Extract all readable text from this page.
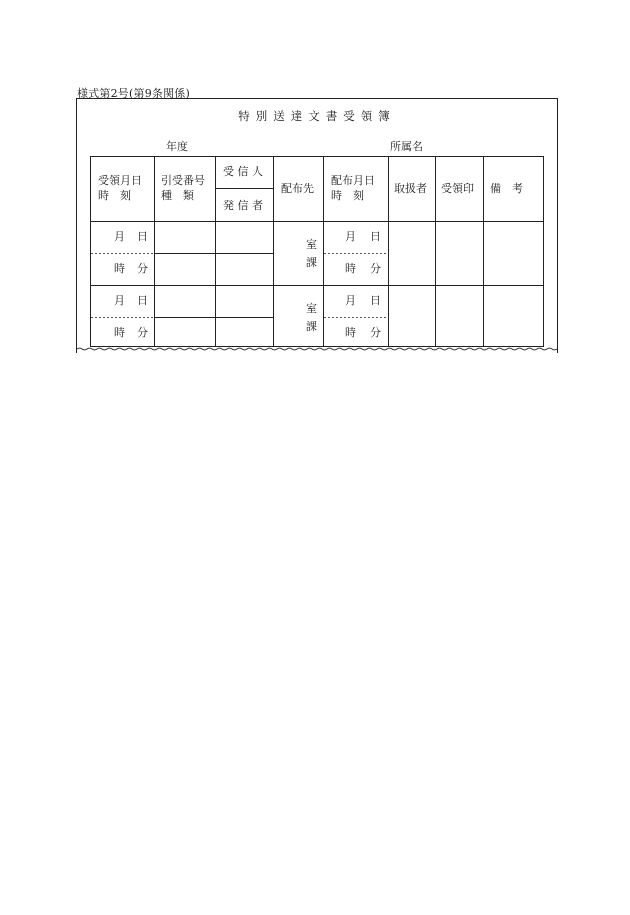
様式第2号(第9条関係)
特別送達文書受領簿
年度	所属名
受領月日
時　刻
引受番号
種　類
受 信 人
発 信 者
配布先
配布月日
時　刻
取扱者 受領印 備　考
月 日
時 分
室
課
月 日
時 分
月 日
時 分
室
課
月 日
時 分
